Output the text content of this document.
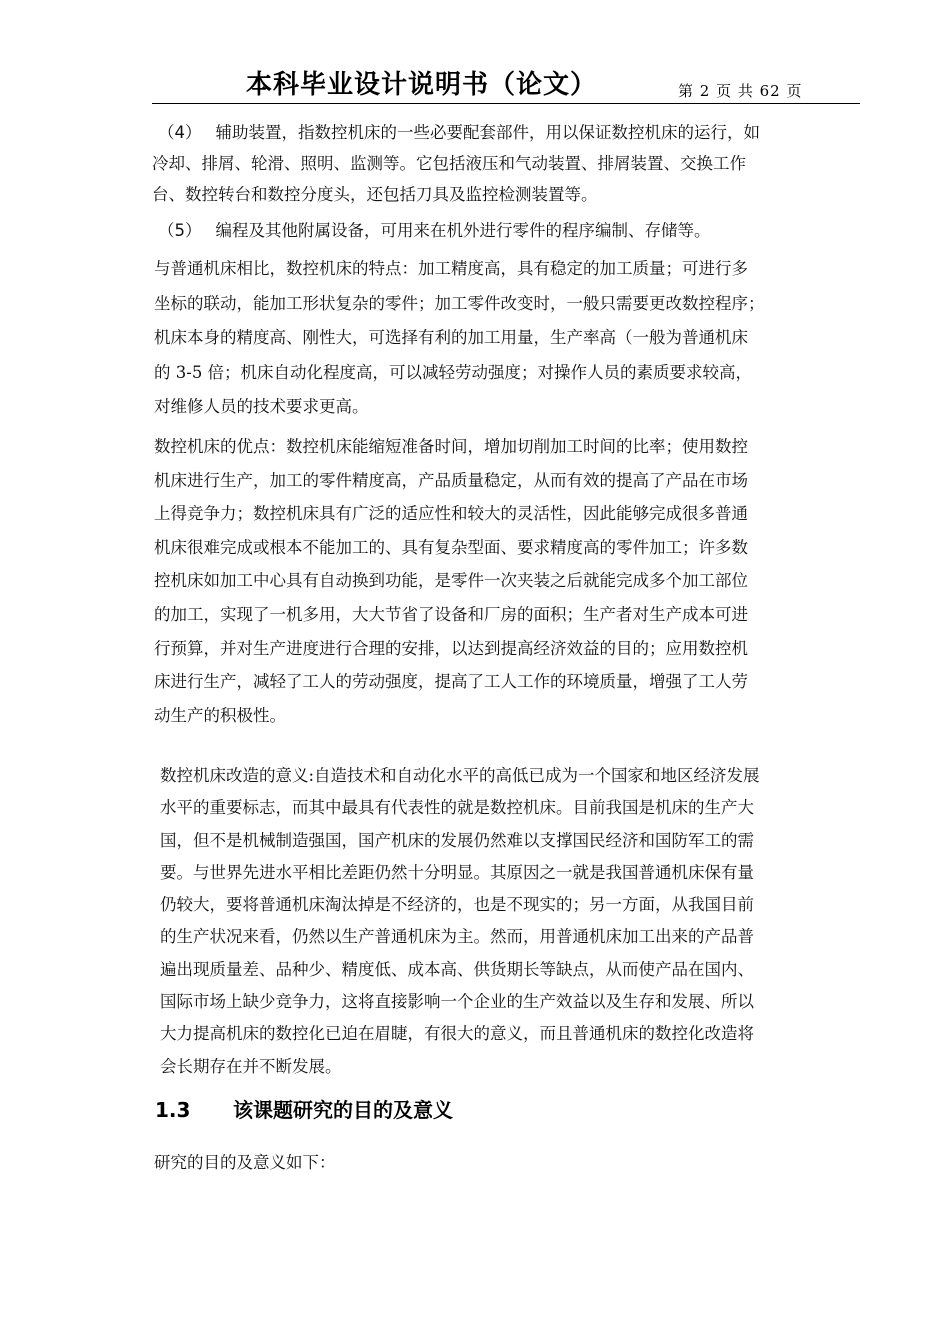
本科毕业设计说明书（论文）	第 2 页 共 62 页
（4） 辅助装置，指数控机床的一些必要配套部件，用以保证数控机床的运行，如
冷却、排屑、轮滑、照明、监测等。它包括液压和气动装置、排屑装置、交换工作
台、数控转台和数控分度头，还包括刀具及监控检测装置等。
（5） 编程及其他附属设备，可用来在机外进行零件的程序编制、存储等。
与普通机床相比，数控机床的特点：加工精度高，具有稳定的加工质量；可进行多
坐标的联动，能加工形状复杂的零件；加工零件改变时，一般只需要更改数控程序；
机床本身的精度高、刚性大，可选择有利的加工用量，生产率高（一般为普通机床
的 3-5 倍；机床自动化程度高，可以减轻劳动强度；对操作人员的素质要求较高，
对维修人员的技术要求更高。
数控机床的优点：数控机床能缩短准备时间，增加切削加工时间的比率；使用数控
机床进行生产，加工的零件精度高，产品质量稳定，从而有效的提高了产品在市场
上得竞争力；数控机床具有广泛的适应性和较大的灵活性，因此能够完成很多普通
机床很难完成或根本不能加工的、具有复杂型面、要求精度高的零件加工；许多数
控机床如加工中心具有自动换到功能，是零件一次夹装之后就能完成多个加工部位
的加工，实现了一机多用，大大节省了设备和厂房的面积；生产者对生产成本可进
行预算，并对生产进度进行合理的安排，以达到提高经济效益的目的；应用数控机
床进行生产，减轻了工人的劳动强度，提高了工人工作的环境质量，增强了工人劳
动生产的积极性。
数控机床改造的意义:自造技术和自动化水平的高低已成为一个国家和地区经济发展
水平的重要标志，而其中最具有代表性的就是数控机床。目前我国是机床的生产大
国，但不是机械制造强国，国产机床的发展仍然难以支撑国民经济和国防军工的需
要。与世界先进水平相比差距仍然十分明显。其原因之一就是我国普通机床保有量
仍较大，要将普通机床淘汰掉是不经济的，也是不现实的；另一方面，从我国目前
的生产状况来看，仍然以生产普通机床为主。然而，用普通机床加工出来的产品普
遍出现质量差、品种少、精度低、成本高、供货期长等缺点，从而使产品在国内、
国际市场上缺少竞争力，这将直接影响一个企业的生产效益以及生存和发展、所以
大力提高机床的数控化已迫在眉睫，有很大的意义，而且普通机床的数控化改造将
会长期存在并不断发展。
1.3 该课题研究的目的及意义
研究的目的及意义如下：
